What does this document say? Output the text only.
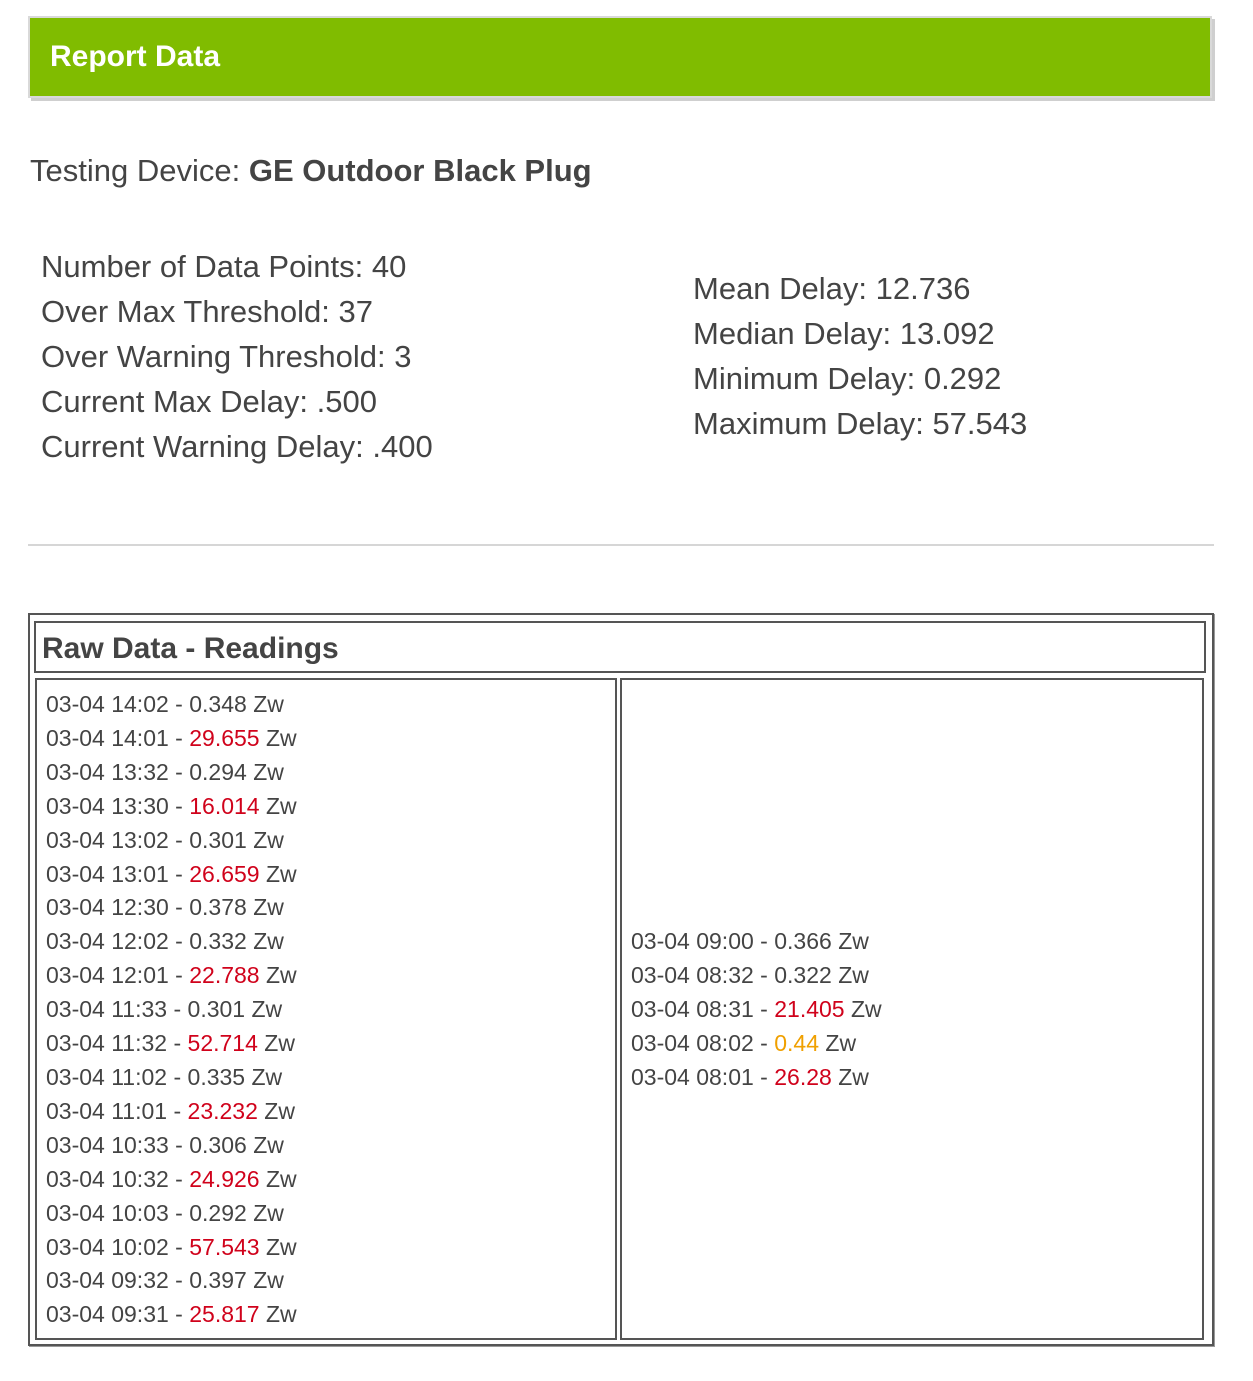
Report Data
Testing Device: GE Outdoor Black Plug
Number of Data Points: 40
Over Max Threshold: 37
Over Warning Threshold: 3
Current Max Delay: .500
Current Warning Delay: .400
Mean Delay: 12.736
Median Delay: 13.092
Minimum Delay: 0.292
Maximum Delay: 57.543
Raw Data - Readings
03-04 14:02 - 0.348 Zw
03-04 14:01 - 29.655 Zw
03-04 13:32 - 0.294 Zw
03-04 13:30 - 16.014 Zw
03-04 13:02 - 0.301 Zw
03-04 13:01 - 26.659 Zw
03-04 12:30 - 0.378 Zw
03-04 12:02 - 0.332 Zw
03-04 12:01 - 22.788 Zw
03-04 11:33 - 0.301 Zw
03-04 11:32 - 52.714 Zw
03-04 11:02 - 0.335 Zw
03-04 11:01 - 23.232 Zw
03-04 10:33 - 0.306 Zw
03-04 10:32 - 24.926 Zw
03-04 10:03 - 0.292 Zw
03-04 10:02 - 57.543 Zw
03-04 09:32 - 0.397 Zw
03-04 09:31 - 25.817 Zw
03-04 09:00 - 0.366 Zw
03-04 08:32 - 0.322 Zw
03-04 08:31 - 21.405 Zw
03-04 08:02 - 0.44 Zw
03-04 08:01 - 26.28 Zw
